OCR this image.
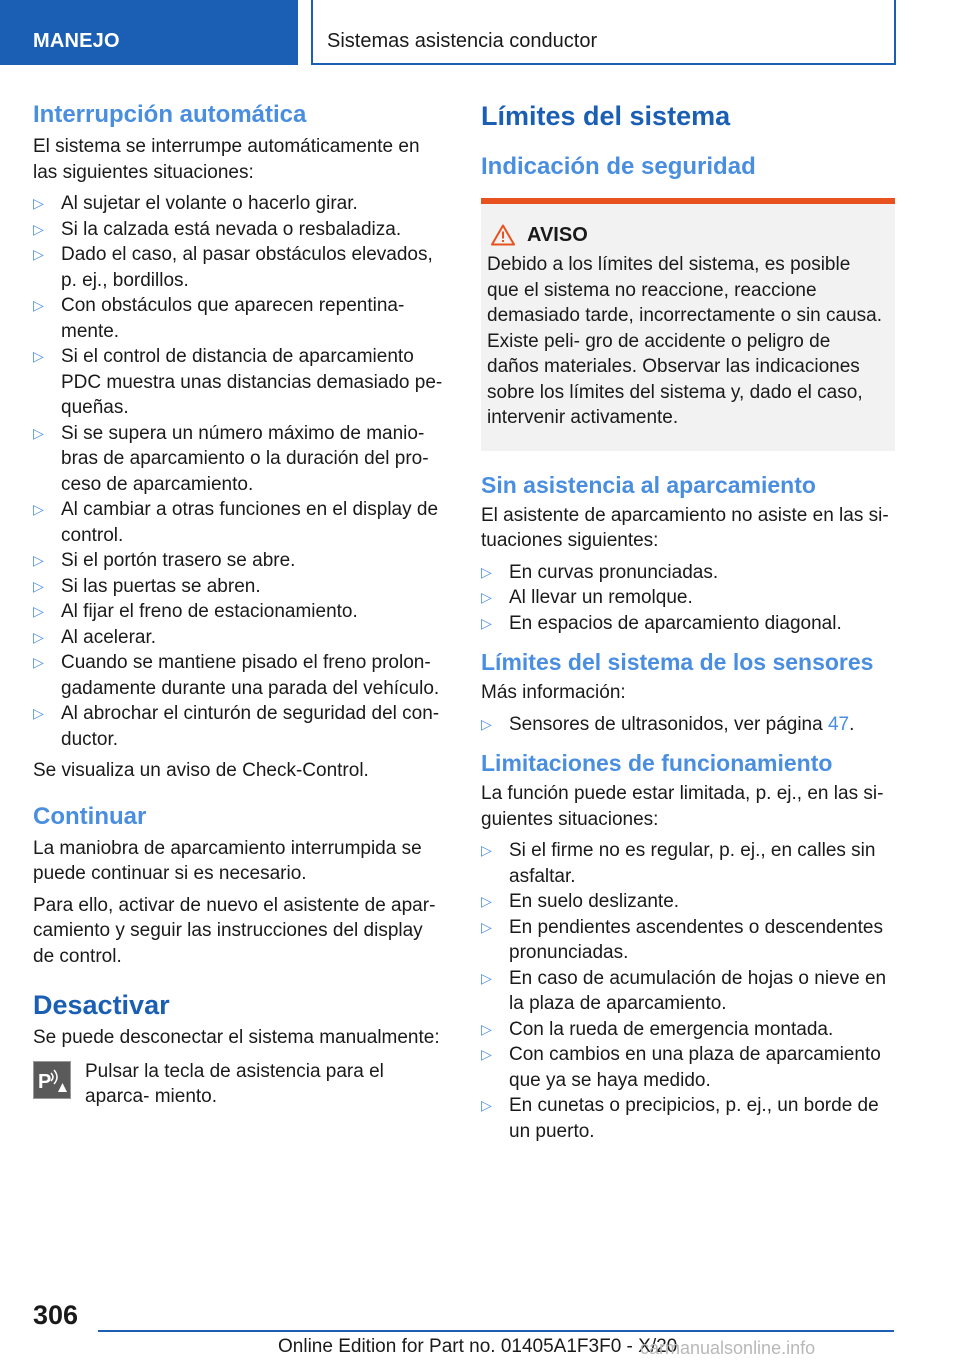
MANEJO	Sistemas asistencia conductor
Interrupción automática

El sistema se interrumpe automáticamente en las siguientes situaciones:

▷ Al sujetar el volante o hacerlo girar.
▷ Si la calzada está nevada o resbaladiza.
▷ Dado el caso, al pasar obstáculos elevados, p. ej., bordillos.
▷ Con obstáculos que aparecen repentina‐ mente.
▷ Si el control de distancia de aparcamiento PDC muestra unas distancias demasiado pe‐ queñas.
▷ Si se supera un número máximo de manio‐ bras de aparcamiento o la duración del pro‐ ceso de aparcamiento.
▷ Al cambiar a otras funciones en el display de control.
▷ Si el portón trasero se abre.
▷ Si las puertas se abren.
▷ Al fijar el freno de estacionamiento.
▷ Al acelerar.
▷ Cuando se mantiene pisado el freno prolon‐ gadamente durante una parada del vehículo.
▷ Al abrochar el cinturón de seguridad del con‐ ductor.

Se visualiza un aviso de Check-Control.

Continuar

La maniobra de aparcamiento interrumpida se puede continuar si es necesario.

Para ello, activar de nuevo el asistente de apar‐ camiento y seguir las instrucciones del display de control.

Desactivar

Se puede desconectar el sistema manualmente:

P Pulsar la tecla de asistencia para el aparca‐ miento.

Límites del sistema
Indicación de seguridad
AVISO

Debido a los límites del sistema, es posible que el sistema no reaccione, reaccione demasiado tarde, incorrectamente o sin causa. Existe peli‐ gro de accidente o peligro de daños materiales. Observar las indicaciones sobre los límites del sistema y, dado el caso, intervenir activamente.

Sin asistencia al aparcamiento

El asistente de aparcamiento no asiste en las si‐ tuaciones siguientes:

▷ En curvas pronunciadas.
▷ Al llevar un remolque.
▷ En espacios de aparcamiento diagonal.
Límites del sistema de los sensores

Más información:

▷ Sensores de ultrasonidos, ver página 47.
Limitaciones de funcionamiento

La función puede estar limitada, p. ej., en las si‐ guientes situaciones:

▷ Si el firme no es regular, p. ej., en calles sin asfaltar.
▷ En suelo deslizante.
▷ En pendientes ascendentes o descendentes pronunciadas.
▷ En caso de acumulación de hojas o nieve en la plaza de aparcamiento.
▷ Con la rueda de emergencia montada.
▷ Con cambios en una plaza de aparcamiento que ya se haya medido.
▷ En cunetas o precipicios, p. ej., un borde de un puerto.
306
Online Edition for Part no. 01405A1F3F0 - X/20
carmanualsonline.info
